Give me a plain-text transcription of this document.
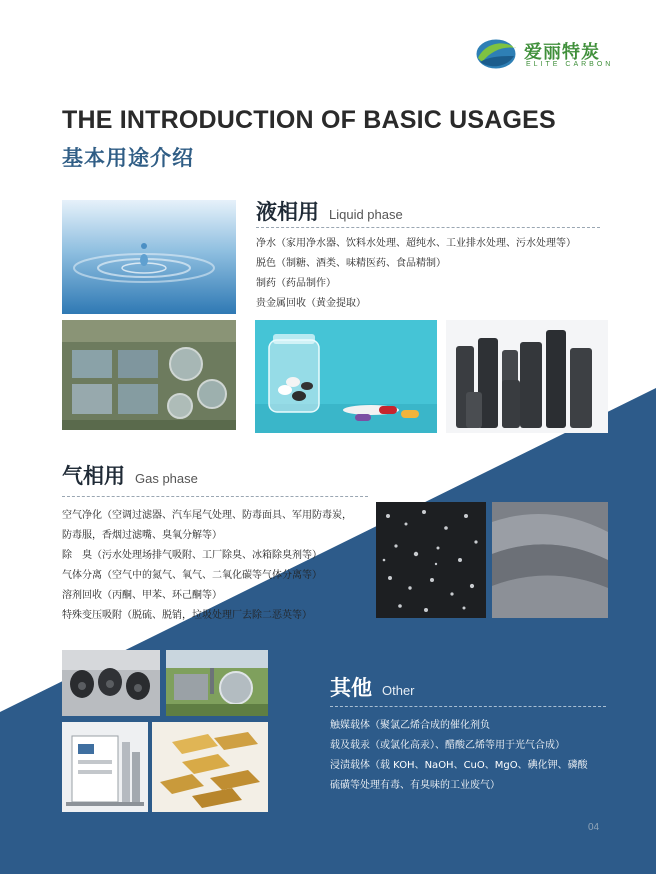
爱丽特炭
ELITE CARBON
THE INTRODUCTION OF BASIC USAGES
基本用途介绍
液相用 Liquid phase
净水（家用净水器、饮料水处理、超纯水、工业排水处理、污水处理等）
脱色（制糖、酒类、味精医药、食品精制）
制药（药品制作）
贵金属回收（黄金提取）
气相用 Gas phase
空气净化（空调过滤器、汽车尾气处理、防毒面具、军用防毒炭，
防毒服，香烟过滤嘴、臭氧分解等）
除　臭（污水处理场排气吸附、工厂除臭、冰箱除臭剂等）
气体分离（空气中的氮气、氧气、二氧化碳等气体分离等）
溶剂回收（丙酮、甲苯、环己酮等）
特殊变压吸附（脱硫、脱销，垃圾处理厂去除二恶英等）
其他 Other
触媒载体（聚氯乙烯合成的催化剂负
载及载汞（或氯化高汞）、醋酸乙烯等用于光气合成）
浸渍载体（载 KOH、NaOH、CuO、MgO、碘化钾、磷酸
硫磺等处理有毒、有臭味的工业废气）
04
